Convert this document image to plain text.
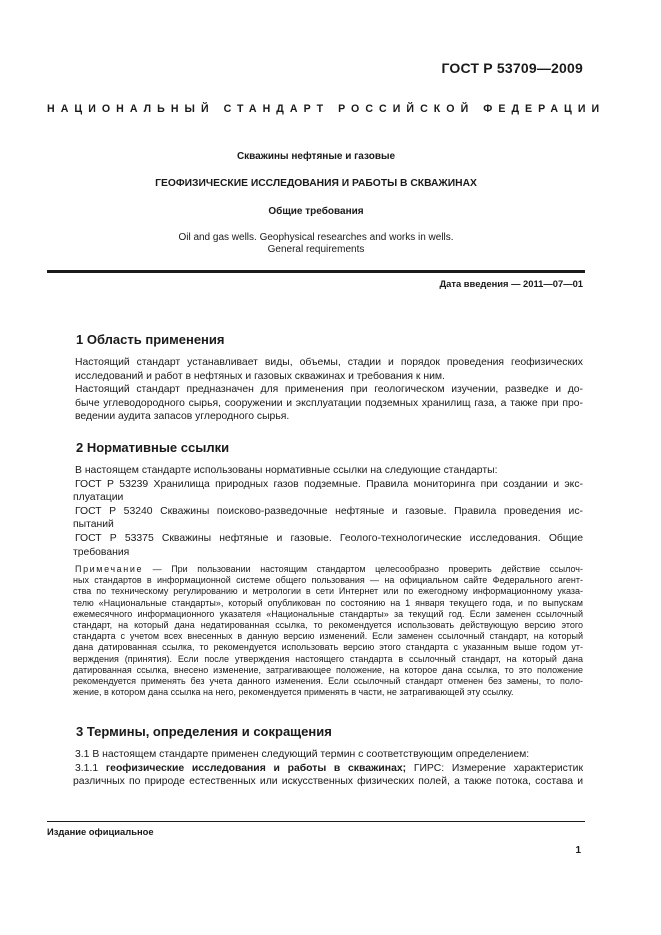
ГОСТ Р 53709—2009
НАЦИОНАЛЬНЫЙ СТАНДАРТ РОССИЙСКОЙ ФЕДЕРАЦИИ
Скважины нефтяные и газовые
ГЕОФИЗИЧЕСКИЕ ИССЛЕДОВАНИЯ И РАБОТЫ В СКВАЖИНАХ
Общие требования
Oil and gas wells. Geophysical researches and works in wells.
General requirements
Дата введения — 2011—07—01
1 Область применения
Настоящий стандарт устанавливает виды, объемы, стадии и порядок проведения геофизических
исследований и работ в нефтяных и газовых скважинах и требования к ним.
Настоящий стандарт предназначен для применения при геологическом изучении, разведке и до-
быче углеводородного сырья, сооружении и эксплуатации подземных хранилищ газа, а также при про-
ведении аудита запасов углеродного сырья.
2 Нормативные ссылки
В настоящем стандарте использованы нормативные ссылки на следующие стандарты:
ГОСТ Р 53239 Хранилища природных газов подземные. Правила мониторинга при создании и экс-
плуатации
ГОСТ Р 53240 Скважины поисково-разведочные нефтяные и газовые. Правила проведения ис-
пытаний
ГОСТ Р 53375 Скважины нефтяные и газовые. Геолого-технологические исследования. Общие
требования
Примечание — При пользовании настоящим стандартом целесообразно проверить действие ссылоч-
ных стандартов в информационной системе общего пользования — на официальном сайте Федерального агент-
ства по техническому регулированию и метрологии в сети Интернет или по ежегодному информационному указа-
телю «Национальные стандарты», который опубликован по состоянию на 1 января текущего года, и по выпускам
ежемесячного информационного указателя «Национальные стандарты» за текущий год. Если заменен ссылочный
стандарт, на который дана недатированная ссылка, то рекомендуется использовать действующую версию этого
стандарта с учетом всех внесенных в данную версию изменений. Если заменен ссылочный стандарт, на который
дана датированная ссылка, то рекомендуется использовать версию этого стандарта с указанным выше годом ут-
верждения (принятия). Если после утверждения настоящего стандарта в ссылочный стандарт, на который дана
датированная ссылка, внесено изменение, затрагивающее положение, на которое дана ссылка, то это положение
рекомендуется применять без учета данного изменения. Если ссылочный стандарт отменен без замены, то поло-
жение, в котором дана ссылка на него, рекомендуется применять в части, не затрагивающей эту ссылку.
3 Термины, определения и сокращения
3.1 В настоящем стандарте применен следующий термин с соответствующим определением:
3.1.1 геофизические исследования и работы в скважинах; ГИРС: Измерение характеристик
различных по природе естественных или искусственных физических полей, а также потока, состава и
Издание официальное
1
